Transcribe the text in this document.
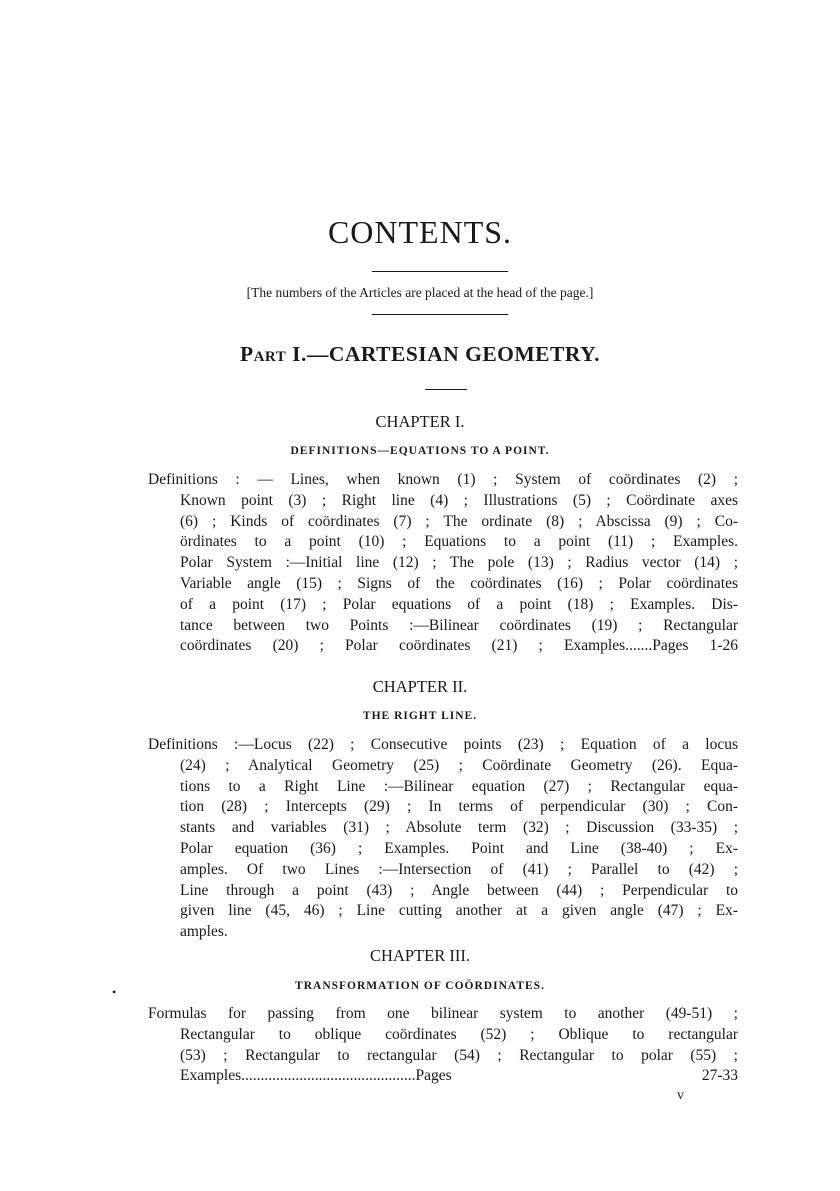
CONTENTS.
[The numbers of the Articles are placed at the head of the page.]
Part I.—CARTESIAN GEOMETRY.
CHAPTER I.
DEFINITIONS—EQUATIONS TO A POINT.
Definitions : — Lines, when known (1) ; System of coördinates (2) ;
Known point (3) ; Right line (4) ; Illustrations (5) ; Coördinate axes
(6) ; Kinds of coördinates (7) ; The ordinate (8) ; Abscissa (9) ; Co-
ördinates to a point (10) ; Equations to a point (11) ; Examples.
Polar System :—Initial line (12) ; The pole (13) ; Radius vector (14) ;
Variable angle (15) ; Signs of the coördinates (16) ; Polar coördinates
of a point (17) ; Polar equations of a point (18) ; Examples. Dis-
tance between two Points :—Bilinear coördinates (19) ; Rectangular
coördinates (20) ; Polar coördinates (21) ; Examples.......Pages 1-26
CHAPTER II.
THE RIGHT LINE.
Definitions :—Locus (22) ; Consecutive points (23) ; Equation of a locus
(24) ; Analytical Geometry (25) ; Coördinate Geometry (26). Equa-
tions to a Right Line :—Bilinear equation (27) ; Rectangular equa-
tion (28) ; Intercepts (29) ; In terms of perpendicular (30) ; Con-
stants and variables (31) ; Absolute term (32) ; Discussion (33-35) ;
Polar equation (36) ; Examples. Point and Line (38-40) ; Ex-
amples. Of two Lines :—Intersection of (41) ; Parallel to (42) ;
Line through a point (43) ; Angle between (44) ; Perpendicular to
given line (45, 46) ; Line cutting another at a given angle (47) ; Ex-
amples.
CHAPTER III.
•	TRANSFORMATION OF COÖRDINATES.
Formulas for passing from one bilinear system to another (49-51) ;
Rectangular to oblique coördinates (52) ; Oblique to rectangular
(53) ; Rectangular to rectangular (54) ; Rectangular to polar (55) ;
Examples.............................................Pages 27-33
v
